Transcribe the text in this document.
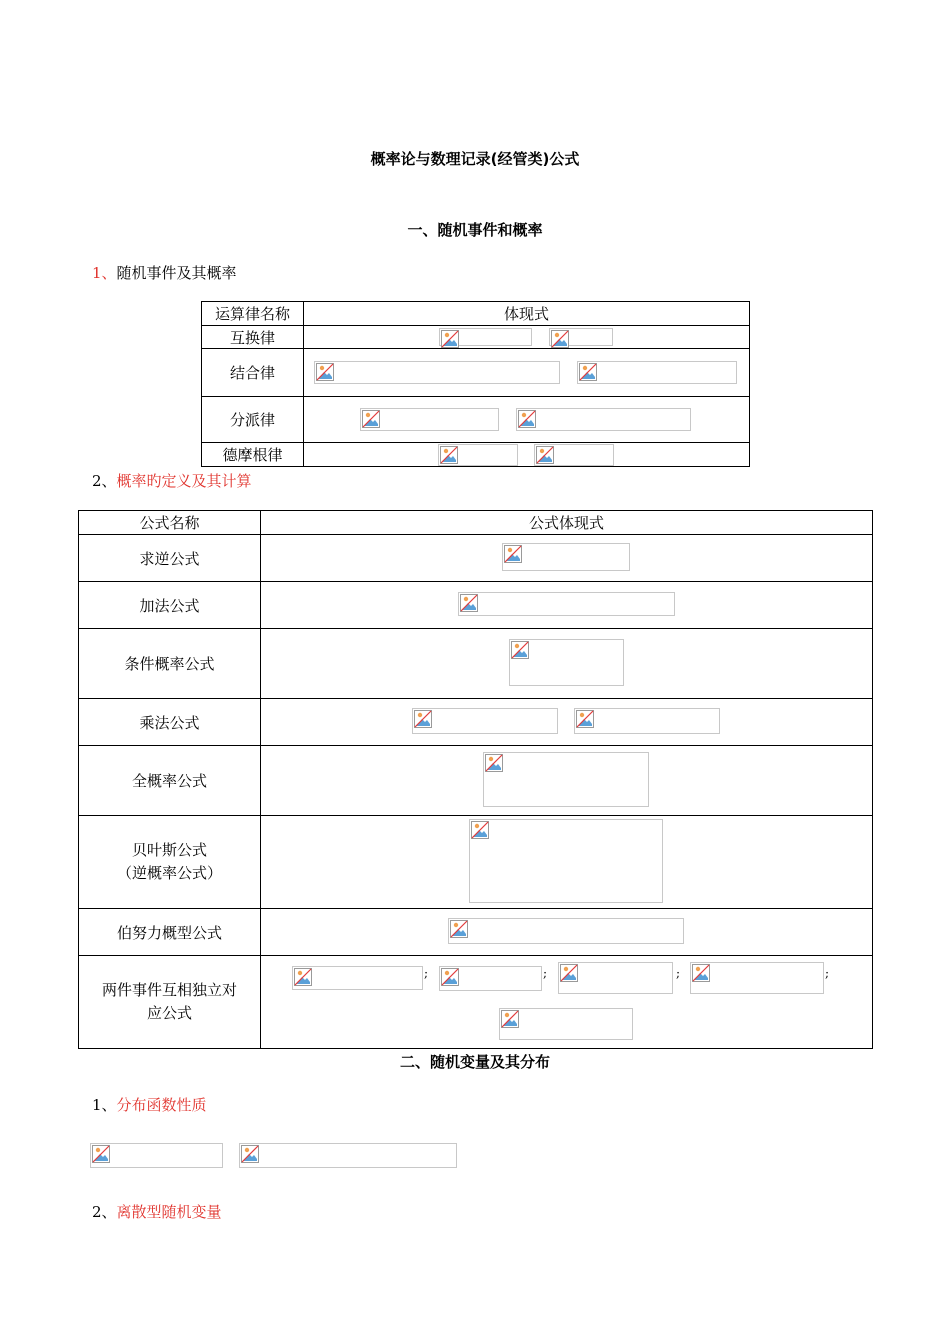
概率论与数理记录(经管类)公式
一、随机事件和概率
1、随机事件及其概率
运算律名称	体现式
互换律	
结合律	
分派律	
德摩根律	
2、概率旳定义及其计算
公式名称	公式体现式
求逆公式	
加法公式	
条件概率公式	
乘法公式	
全概率公式	
贝叶斯公式
（逆概率公式）	
伯努力概型公式	
两件事件互相独立对
应公式	
;	;	;	;
二、随机变量及其分布
1、分布函数性质
2、离散型随机变量
